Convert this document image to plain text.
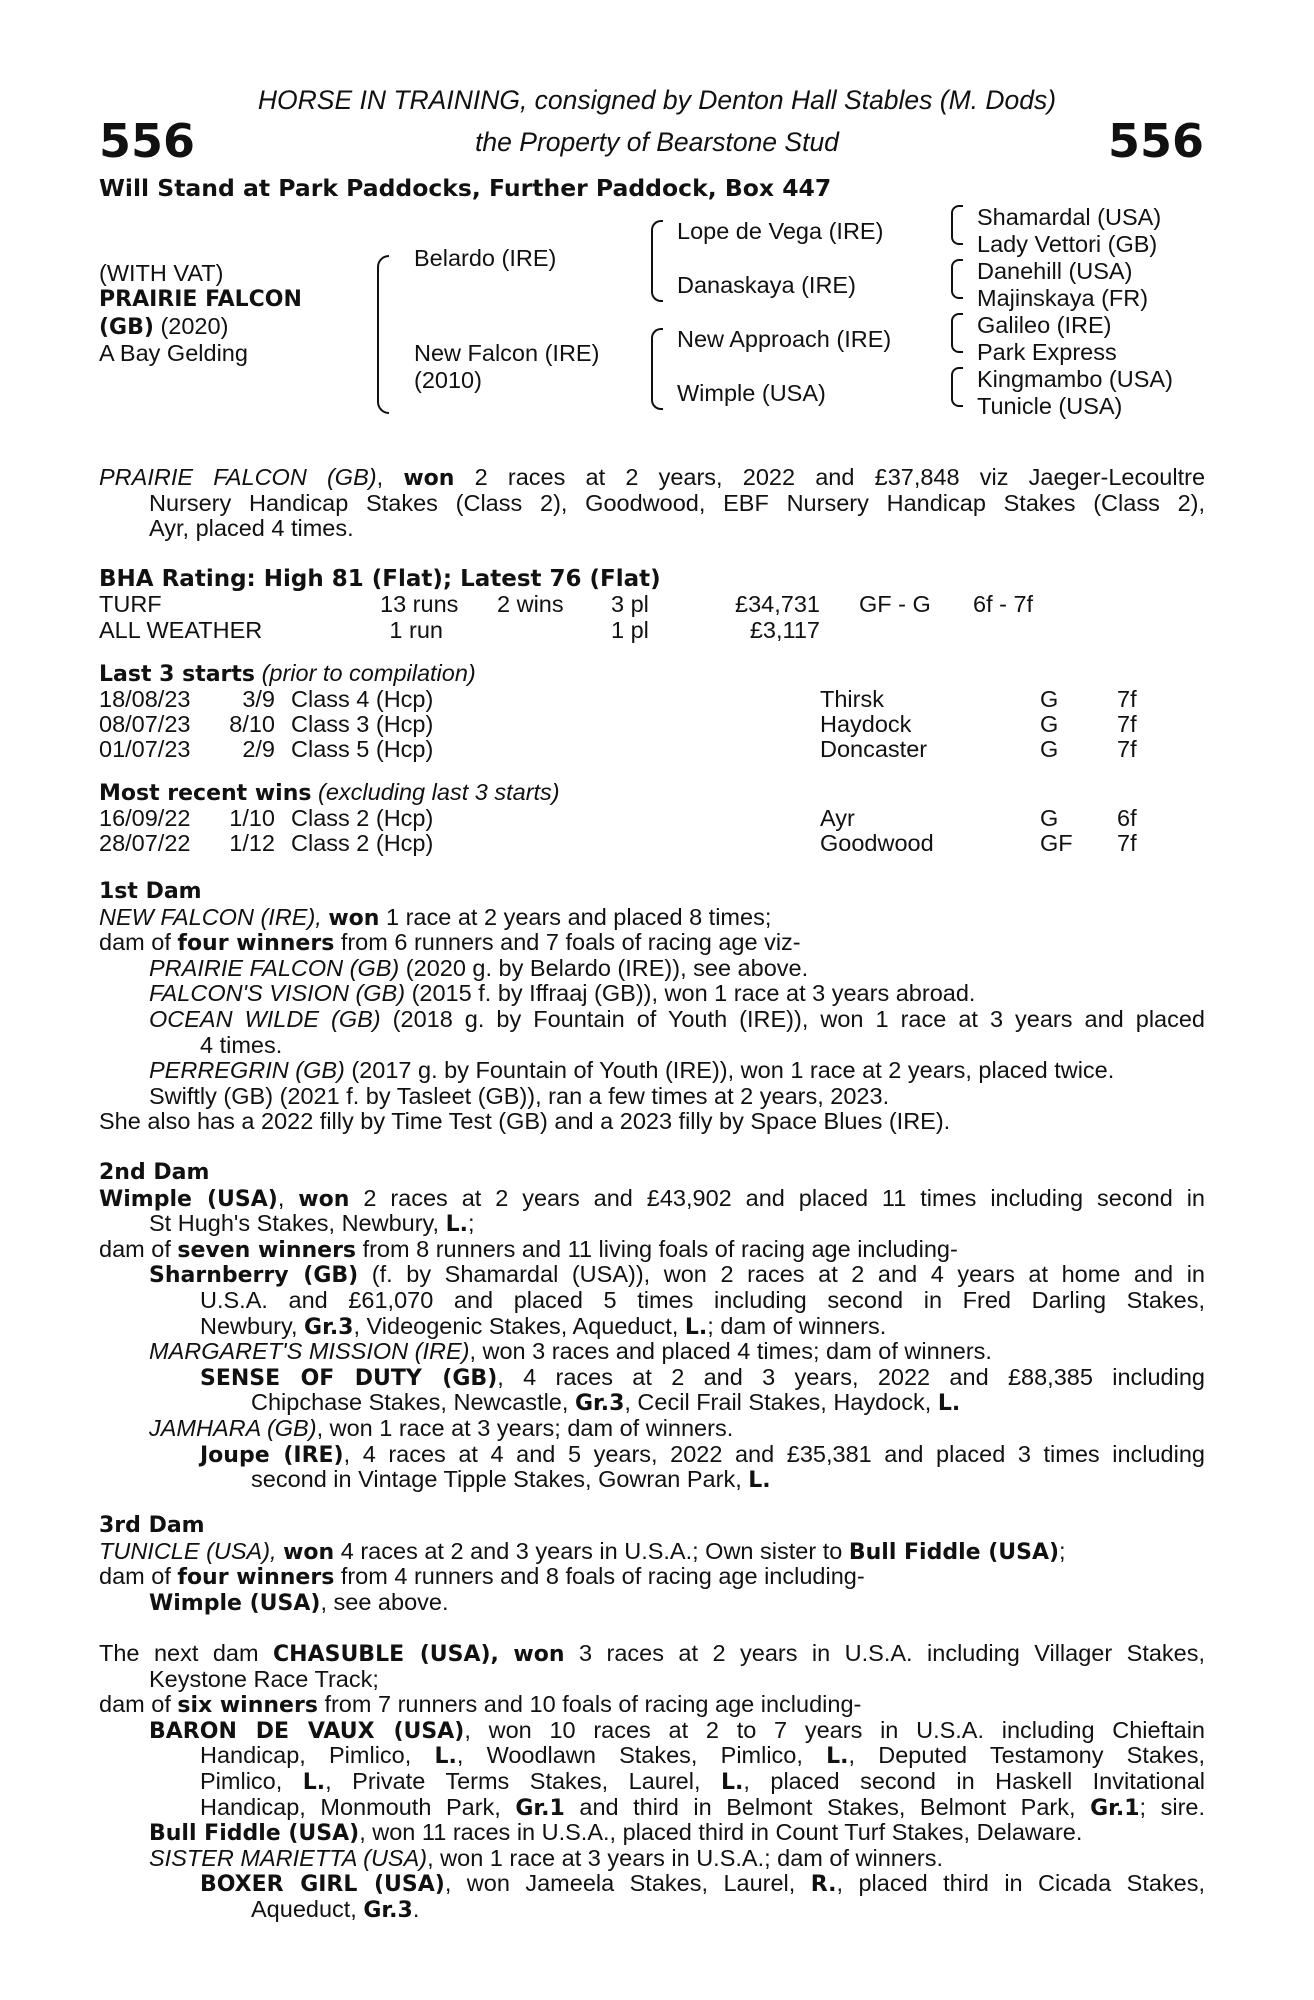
556	556
HORSE IN TRAINING, consigned by Denton Hall Stables (M. Dods)
the Property of Bearstone Stud
Will Stand at Park Paddocks, Further Paddock, Box 447
(WITH VAT)
PRAIRIE FALCON
(GB) (2020)
A Bay Gelding
Belardo (IRE)
New Falcon (IRE)
(2010)
Lope de Vega (IRE)
Danaskaya (IRE)
New Approach (IRE)
Wimple (USA)
Shamardal (USA)
Lady Vettori (GB)
Danehill (USA)
Majinskaya (FR)
Galileo (IRE)
Park Express
Kingmambo (USA)
Tunicle (USA)
PRAIRIE FALCON (GB), won 2 races at 2 years, 2022 and £37,848 viz Jaeger-Lecoultre
Nursery Handicap Stakes (Class 2), Goodwood, EBF Nursery Handicap Stakes (Class 2),
Ayr, placed 4 times.
BHA Rating: High 81 (Flat); Latest 76 (Flat)
TURF	13 runs 2 wins 3 pl	£34,731 GF - G 6f - 7f
ALL WEATHER	1 run	1 pl	£3,117
Last 3 starts (prior to compilation)
18/08/23	3/9 Class 4 (Hcp)	Thirsk	G 7f
08/07/23	8/10 Class 3 (Hcp)	Haydock	G 7f
01/07/23	2/9 Class 5 (Hcp)	Doncaster	G 7f
Most recent wins (excluding last 3 starts)
16/09/22	1/10 Class 2 (Hcp)	Ayr	G 6f
28/07/22	1/12 Class 2 (Hcp)	Goodwood	GF 7f
1st Dam
NEW FALCON (IRE), won 1 race at 2 years and placed 8 times;
dam of four winners from 6 runners and 7 foals of racing age viz-
PRAIRIE FALCON (GB) (2020 g. by Belardo (IRE)), see above.
FALCON'S VISION (GB) (2015 f. by Iffraaj (GB)), won 1 race at 3 years abroad.
OCEAN WILDE (GB) (2018 g. by Fountain of Youth (IRE)), won 1 race at 3 years and placed
4 times.
PERREGRIN (GB) (2017 g. by Fountain of Youth (IRE)), won 1 race at 2 years, placed twice.
Swiftly (GB) (2021 f. by Tasleet (GB)), ran a few times at 2 years, 2023.
She also has a 2022 filly by Time Test (GB) and a 2023 filly by Space Blues (IRE).
2nd Dam
Wimple (USA), won 2 races at 2 years and £43,902 and placed 11 times including second in
St Hugh's Stakes, Newbury, L.;
dam of seven winners from 8 runners and 11 living foals of racing age including-
Sharnberry (GB) (f. by Shamardal (USA)), won 2 races at 2 and 4 years at home and in
U.S.A. and £61,070 and placed 5 times including second in Fred Darling Stakes,
Newbury, Gr.3, Videogenic Stakes, Aqueduct, L.; dam of winners.
MARGARET'S MISSION (IRE), won 3 races and placed 4 times; dam of winners.
SENSE OF DUTY (GB), 4 races at 2 and 3 years, 2022 and £88,385 including
Chipchase Stakes, Newcastle, Gr.3, Cecil Frail Stakes, Haydock, L.
JAMHARA (GB), won 1 race at 3 years; dam of winners.
Joupe (IRE), 4 races at 4 and 5 years, 2022 and £35,381 and placed 3 times including
second in Vintage Tipple Stakes, Gowran Park, L.
3rd Dam
TUNICLE (USA), won 4 races at 2 and 3 years in U.S.A.; Own sister to Bull Fiddle (USA);
dam of four winners from 4 runners and 8 foals of racing age including-
Wimple (USA), see above.
The next dam CHASUBLE (USA), won 3 races at 2 years in U.S.A. including Villager Stakes,
Keystone Race Track;
dam of six winners from 7 runners and 10 foals of racing age including-
BARON DE VAUX (USA), won 10 races at 2 to 7 years in U.S.A. including Chieftain
Handicap, Pimlico, L., Woodlawn Stakes, Pimlico, L., Deputed Testamony Stakes,
Pimlico, L., Private Terms Stakes, Laurel, L., placed second in Haskell Invitational
Handicap, Monmouth Park, Gr.1 and third in Belmont Stakes, Belmont Park, Gr.1; sire.
Bull Fiddle (USA), won 11 races in U.S.A., placed third in Count Turf Stakes, Delaware.
SISTER MARIETTA (USA), won 1 race at 3 years in U.S.A.; dam of winners.
BOXER GIRL (USA), won Jameela Stakes, Laurel, R., placed third in Cicada Stakes,
Aqueduct, Gr.3.
